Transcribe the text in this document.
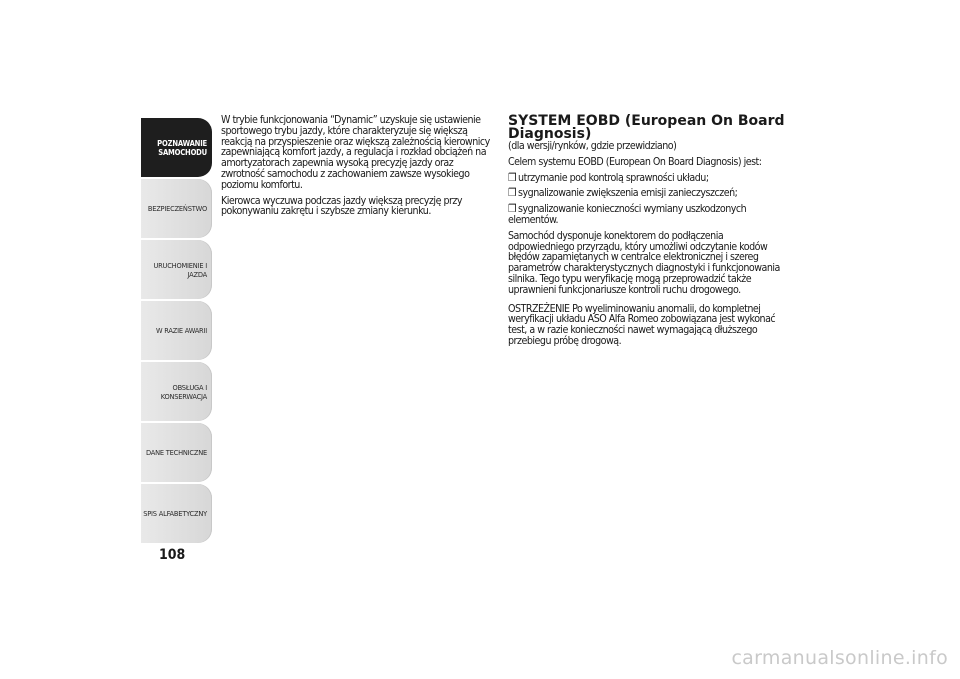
POZNAWANIE
SAMOCHODU
BEZPIECZEŃSTWO
URUCHOMIENIE I
JAZDA
W RAZIE AWARII
OBSŁUGA I
KONSERWACJA
DANE TECHNICZNE
SPIS ALFABETYCZNY
108

W trybie funkcjonowania “Dynamic” uzyskuje się ustawienie sportowego trybu jazdy, które charakteryzuje się większą reakcją na przyspieszenie oraz większą zależnością kierownicy zapewniającą komfort jazdy, a regulacja i rozkład obciążeń na amortyzatorach zapewnia wysoką precyzję jazdy oraz zwrotność samochodu z zachowaniem zawsze wysokiego poziomu komfortu.

Kierowca wyczuwa podczas jazdy większą precyzję przy pokonywaniu zakrętu i szybsze zmiany kierunku.

SYSTEM EOBD (European On Board Diagnosis)

(dla wersji/rynków, gdzie przewidziano)

Celem systemu EOBD (European On Board Diagnosis) jest:

❒ utrzymanie pod kontrolą sprawności układu;

❒ sygnalizowanie zwiększenia emisji zanieczyszczeń;

❒ sygnalizowanie konieczności wymiany uszkodzonych elementów.

Samochód dysponuje konektorem do podłączenia odpowiedniego przyrządu, który umożliwi odczytanie kodów błędów zapamiętanych w centralce elektronicznej i szereg parametrów charakterystycznych diagnostyki i funkcjonowania silnika. Tego typu weryfikację mogą przeprowadzić także uprawnieni funkcjonariusze kontroli ruchu drogowego.

OSTRZEŻENIE Po wyeliminowaniu anomalii, do kompletnej weryfikacji układu ASO Alfa Romeo zobowiązana jest wykonać test, a w razie konieczności nawet wymagającą dłuższego przebiegu próbę drogową.

carmanualsonline.info
